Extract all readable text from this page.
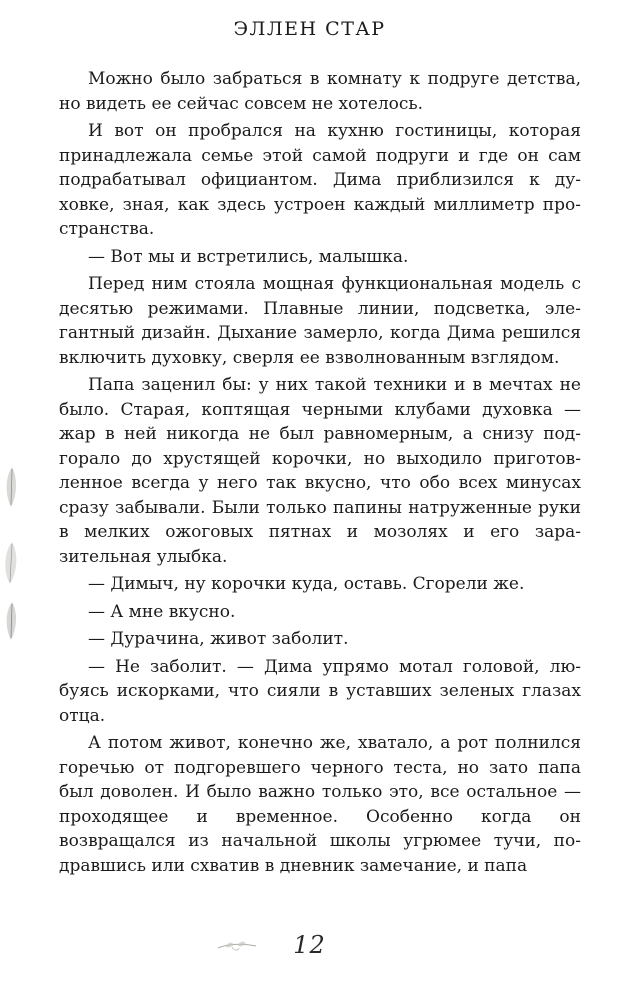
ЭЛЛЕН СТАР

Можно было забраться в комнату к подруге детства, но видеть ее сейчас совсем не хотелось.

И вот он пробрался на кухню гостиницы, которая принадлежала семье этой самой подруги и где он сам подрабатывал официантом. Дима приблизился к духовке, зная, как здесь устроен каждый миллиметр пространства.

— Вот мы и встретились, малышка.

Перед ним стояла мощная функциональная модель с десятью режимами. Плавные линии, подсветка, элегантный дизайн. Дыхание замерло, когда Дима решился включить духовку, сверля ее взволнованным взглядом.

Папа заценил бы: у них такой техники и в мечтах не было. Старая, коптящая черными клубами духовка — жар в ней никогда не был равномерным, а снизу подгорало до хрустящей корочки, но выходило приготовленное всегда у него так вкусно, что обо всех минусах сразу забывали. Были только папины натруженные руки в мелких ожоговых пятнах и мозолях и его заразительная улыбка.

— Димыч, ну корочки куда, оставь. Сгорели же.

— А мне вкусно.

— Дурачина, живот заболит.

— Не заболит. — Дима упрямо мотал головой, любуясь искорками, что сияли в уставших зеленых глазах отца.

А потом живот, конечно же, хватало, а рот полнился горечью от подгоревшего черного теста, но зато папа был доволен. И было важно только это, все остальное — проходящее и временное. Особенно когда он возвращался из начальной школы угрюмее тучи, подравшись или схватив в дневник замечание, и папа

12
